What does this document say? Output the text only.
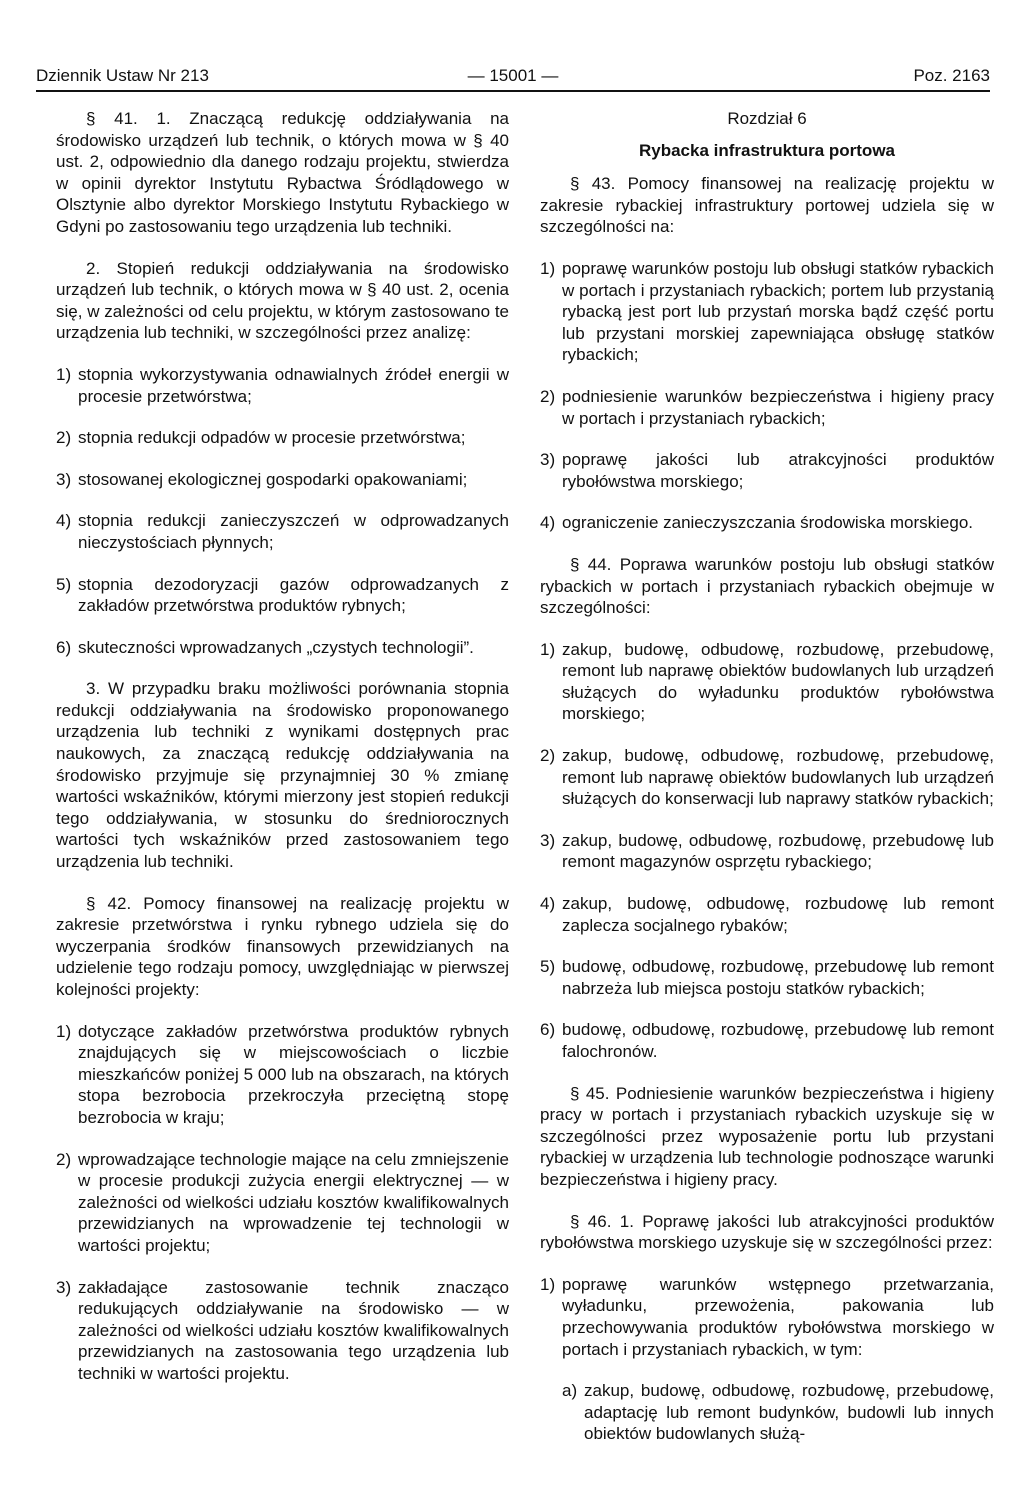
Dziennik Ustaw Nr 213	— 15001 —	Poz. 2163

§ 41. 1. Znaczącą redukcję oddziaływania na środowisko urządzeń lub technik, o których mowa w § 40 ust. 2, odpowiednio dla danego rodzaju projektu, stwierdza w opinii dyrektor Instytutu Rybactwa Śródlądowego w Olsztynie albo dyrektor Morskiego Instytutu Rybackiego w Gdyni po zastosowaniu tego urządzenia lub techniki.

2. Stopień redukcji oddziaływania na środowisko urządzeń lub technik, o których mowa w § 40 ust. 2, ocenia się, w zależności od celu projektu, w którym zastosowano te urządzenia lub techniki, w szczególności przez analizę:

1) stopnia wykorzystywania odnawialnych źródeł energii w procesie przetwórstwa;
2) stopnia redukcji odpadów w procesie przetwórstwa;
3) stosowanej ekologicznej gospodarki opakowaniami;
4) stopnia redukcji zanieczyszczeń w odprowadzanych nieczystościach płynnych;
5) stopnia dezodoryzacji gazów odprowadzanych z zakładów przetwórstwa produktów rybnych;
6) skuteczności wprowadzanych „czystych technologii”.

3. W przypadku braku możliwości porównania stopnia redukcji oddziaływania na środowisko proponowanego urządzenia lub techniki z wynikami dostępnych prac naukowych, za znaczącą redukcję oddziaływania na środowisko przyjmuje się przynajmniej 30 % zmianę wartości wskaźników, którymi mierzony jest stopień redukcji tego oddziaływania, w stosunku do średniorocznych wartości tych wskaźników przed zastosowaniem tego urządzenia lub techniki.

§ 42. Pomocy finansowej na realizację projektu w zakresie przetwórstwa i rynku rybnego udziela się do wyczerpania środków finansowych przewidzianych na udzielenie tego rodzaju pomocy, uwzględniając w pierwszej kolejności projekty:

1) dotyczące zakładów przetwórstwa produktów rybnych znajdujących się w miejscowościach o liczbie mieszkańców poniżej 5 000 lub na obszarach, na których stopa bezrobocia przekroczyła przeciętną stopę bezrobocia w kraju;
2) wprowadzające technologie mające na celu zmniejszenie w procesie produkcji zużycia energii elektrycznej — w zależności od wielkości udziału kosztów kwalifikowalnych przewidzianych na wprowadzenie tej technologii w wartości projektu;
3) zakładające zastosowanie technik znacząco redukujących oddziaływanie na środowisko — w zależności od wielkości udziału kosztów kwalifikowalnych przewidzianych na zastosowania tego urządzenia lub techniki w wartości projektu.

Rozdział 6

Rybacka infrastruktura portowa

§ 43. Pomocy finansowej na realizację projektu w zakresie rybackiej infrastruktury portowej udziela się w szczególności na:

1) poprawę warunków postoju lub obsługi statków rybackich w portach i przystaniach rybackich; portem lub przystanią rybacką jest port lub przystań morska bądź część portu lub przystani morskiej zapewniająca obsługę statków rybackich;
2) podniesienie warunków bezpieczeństwa i higieny pracy w portach i przystaniach rybackich;
3) poprawę jakości lub atrakcyjności produktów rybołówstwa morskiego;
4) ograniczenie zanieczyszczania środowiska morskiego.

§ 44. Poprawa warunków postoju lub obsługi statków rybackich w portach i przystaniach rybackich obejmuje w szczególności:

1) zakup, budowę, odbudowę, rozbudowę, przebudowę, remont lub naprawę obiektów budowlanych lub urządzeń służących do wyładunku produktów rybołówstwa morskiego;
2) zakup, budowę, odbudowę, rozbudowę, przebudowę, remont lub naprawę obiektów budowlanych lub urządzeń służących do konserwacji lub naprawy statków rybackich;
3) zakup, budowę, odbudowę, rozbudowę, przebudowę lub remont magazynów osprzętu rybackiego;
4) zakup, budowę, odbudowę, rozbudowę lub remont zaplecza socjalnego rybaków;
5) budowę, odbudowę, rozbudowę, przebudowę lub remont nabrzeża lub miejsca postoju statków rybackich;
6) budowę, odbudowę, rozbudowę, przebudowę lub remont falochronów.

§ 45. Podniesienie warunków bezpieczeństwa i higieny pracy w portach i przystaniach rybackich uzyskuje się w szczególności przez wyposażenie portu lub przystani rybackiej w urządzenia lub technologie podnoszące warunki bezpieczeństwa i higieny pracy.

§ 46. 1. Poprawę jakości lub atrakcyjności produktów rybołówstwa morskiego uzyskuje się w szczególności przez:

1) poprawę warunków wstępnego przetwarzania, wyładunku, przewożenia, pakowania lub przechowywania produktów rybołówstwa morskiego w portach i przystaniach rybackich, w tym:
a) zakup, budowę, odbudowę, rozbudowę, przebudowę, adaptację lub remont budynków, budowli lub innych obiektów budowlanych służą-
